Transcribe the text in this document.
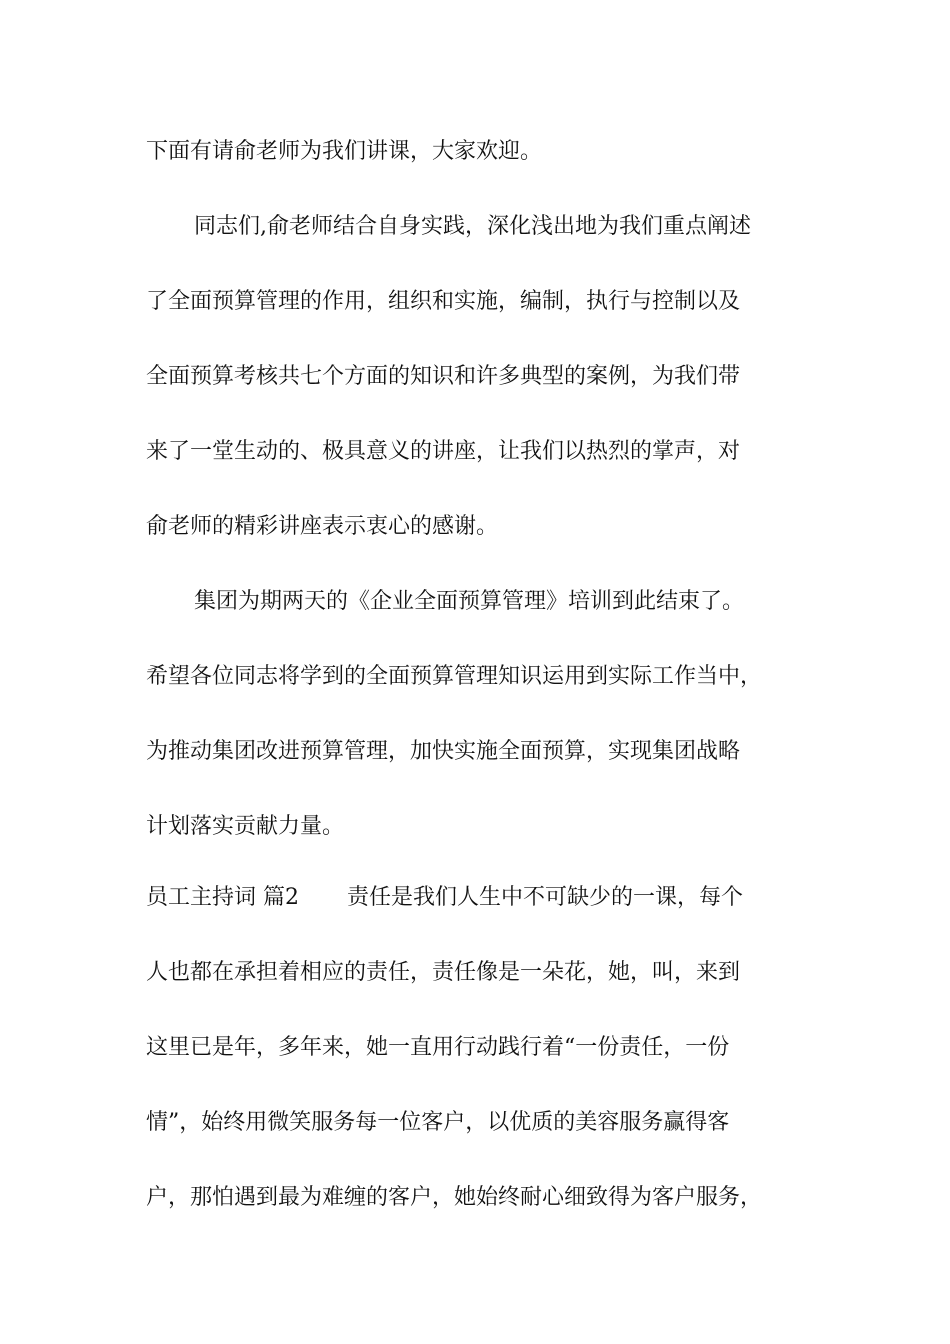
下面有请俞老师为我们讲课，大家欢迎。

同志们,俞老师结合自身实践，深化浅出地为我们重点阐述

了全面预算管理的作用，组织和实施，编制，执行与控制以及

全面预算考核共七个方面的知识和许多典型的案例，为我们带

来了一堂生动的、极具意义的讲座，让我们以热烈的掌声，对

俞老师的精彩讲座表示衷心的感谢。

集团为期两天的《企业全面预算管理》培训到此结束了。

希望各位同志将学到的全面预算管理知识运用到实际工作当中，

为推动集团改进预算管理，加快实施全面预算，实现集团战略

计划落实贡献力量。

员工主持词 篇2 责任是我们人生中不可缺少的一课，每个

人也都在承担着相应的责任，责任像是一朵花，她，叫，来到

这里已是年，多年来，她一直用行动践行着“一份责任，一份

情”，始终用微笑服务每一位客户，以优质的美容服务赢得客

户，那怕遇到最为难缠的客户，她始终耐心细致得为客户服务，
